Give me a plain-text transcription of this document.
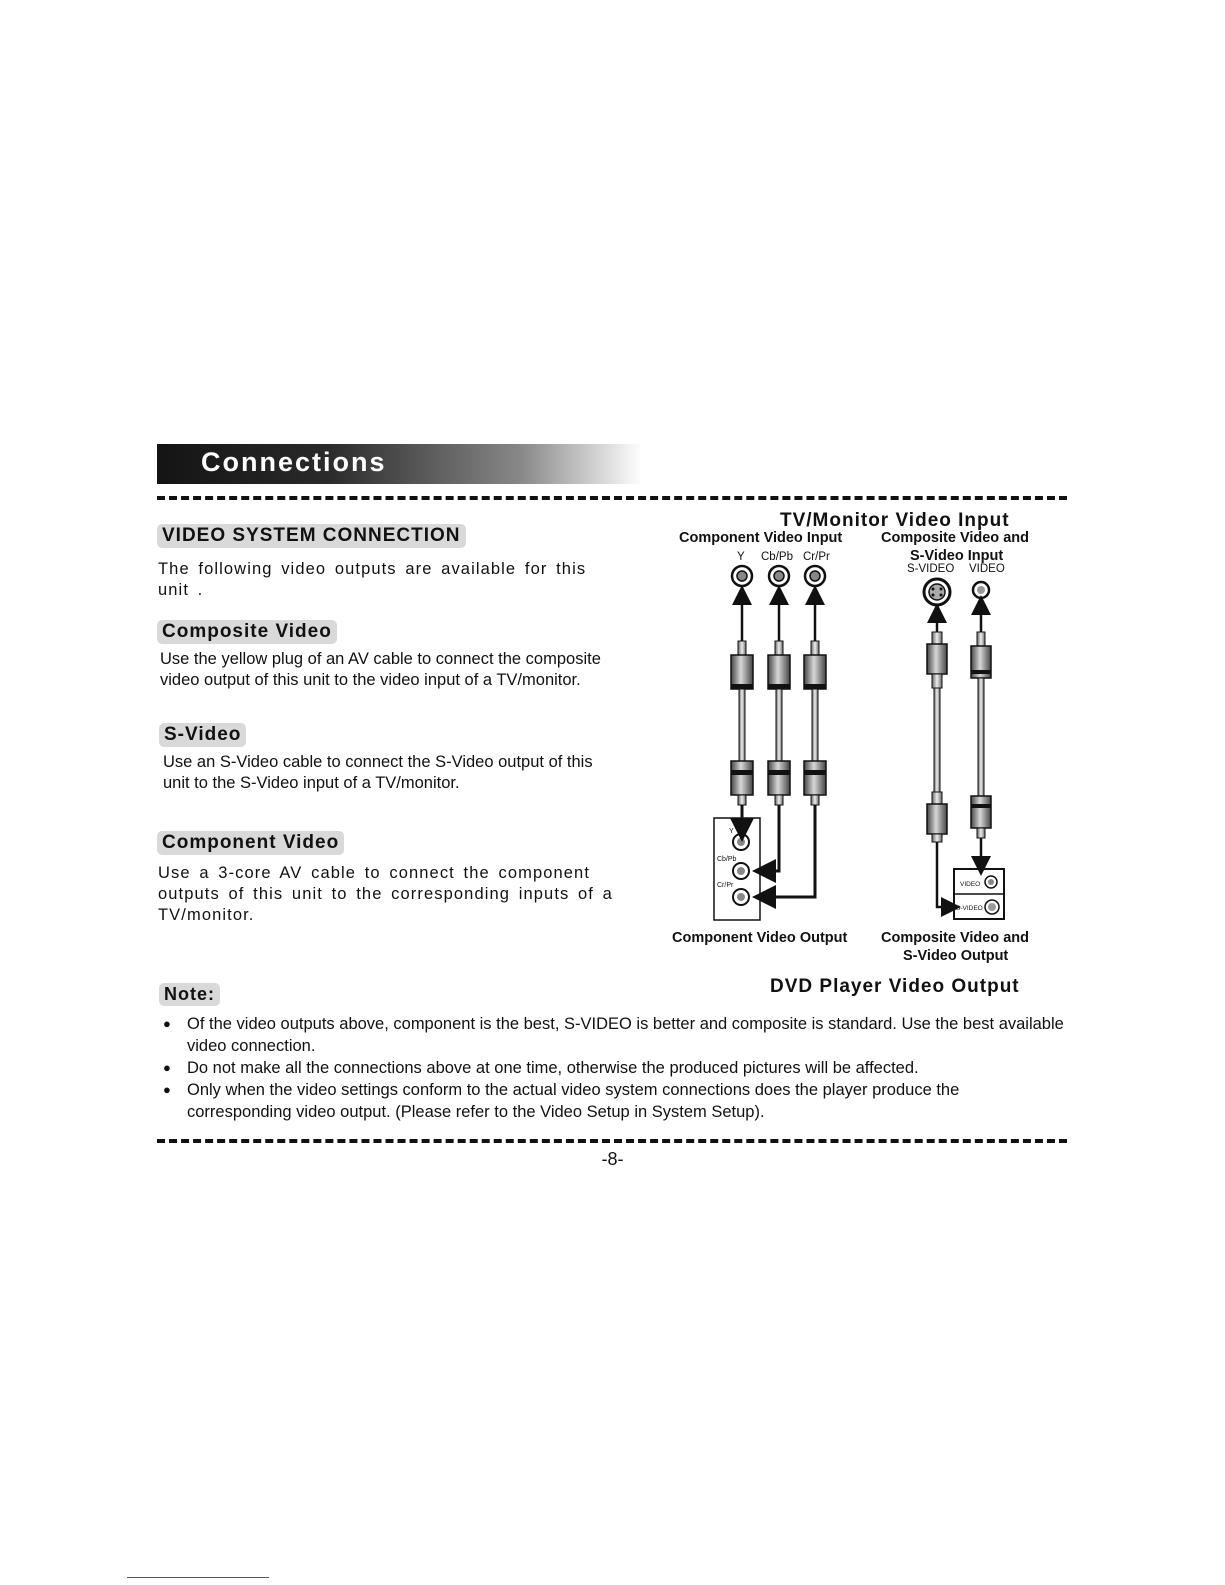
Connections
VIDEO SYSTEM CONNECTION
The following video outputs are available for this unit .
Composite Video
Use the yellow plug of an AV cable to connect the composite video output of this unit to the video input of a TV/monitor.
S-Video
Use an S-Video cable to connect the S-Video output of this unit to the S-Video input of a TV/monitor.
Component Video
Use a 3-core AV cable to connect the component outputs of this unit to the corresponding inputs of a TV/monitor.
TV/Monitor Video Input
Component Video Input	Composite Video and
S-Video Input
Y Cb/Pb Cr/Pr
S-VIDEO VIDEO
Y
Cb/Pb
Cr/Pr	VIDEO
S-VIDEO
Component Video Output Composite Video and
S-Video Output
DVD Player Video Output
Note:
● Of the video outputs above, component is the best, S-VIDEO is better and composite is standard. Use the best available video connection.
● Do not make all the connections above at one time, otherwise the produced pictures will be affected.
● Only when the video settings conform to the actual video system connections does the player produce the corresponding video output. (Please refer to the Video Setup in System Setup).
-8-
